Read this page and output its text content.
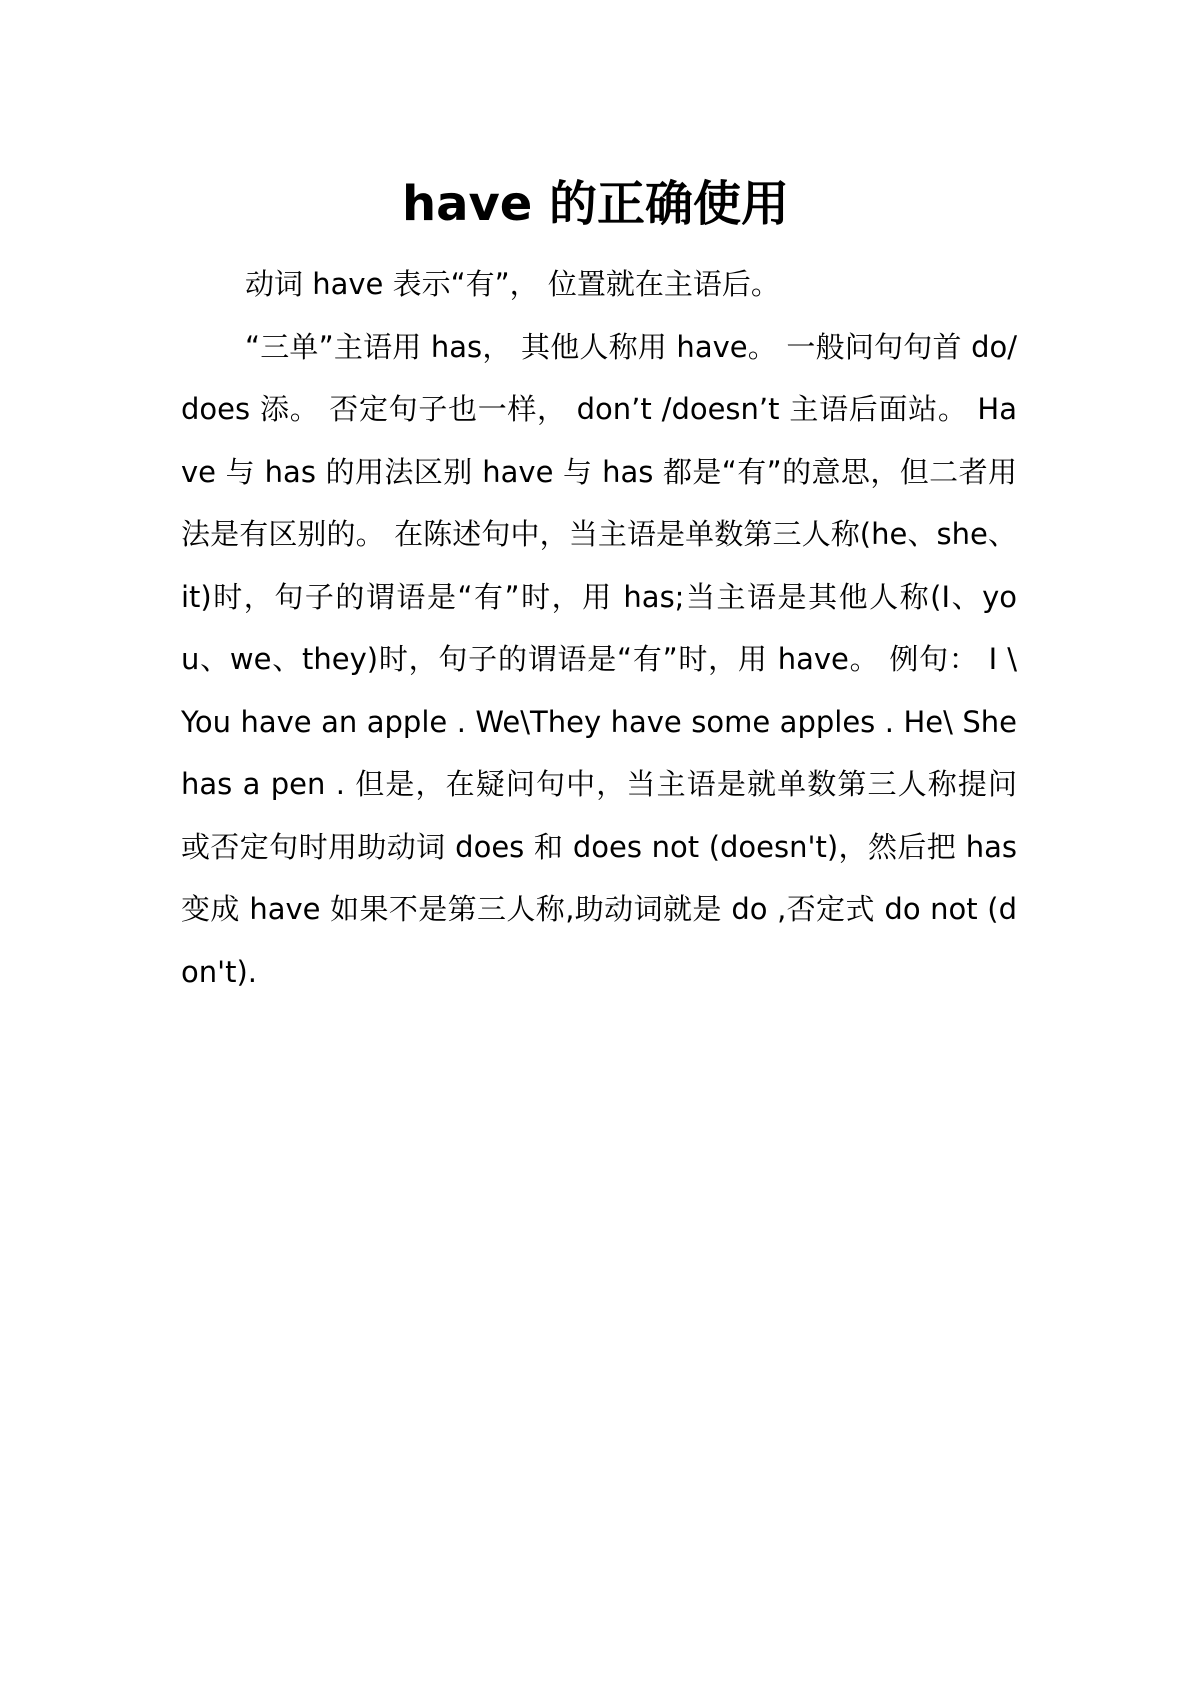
have 的正确使用

动词 have 表示“有”， 位置就在主语后。

“三单”主语用 has， 其他人称用 have。 一般问句句首 do/does 添。 否定句子也一样， don’t /doesn’t 主语后面站。 Have 与 has 的用法区别 have 与 has 都是“有”的意思，但二者用法是有区别的。 在陈述句中，当主语是单数第三人称(he、she、it)时，句子的谓语是“有”时，用 has;当主语是其他人称(I、you、we、they)时，句子的谓语是“有”时，用 have。 例句： I \ You have an apple . We\They have some apples . He\ She has a pen . 但是，在疑问句中，当主语是就单数第三人称提问或否定句时用助动词 does 和 does not (doesn't)，然后把 has 变成 have 如果不是第三人称,助动词就是 do ,否定式 do not (don't).
